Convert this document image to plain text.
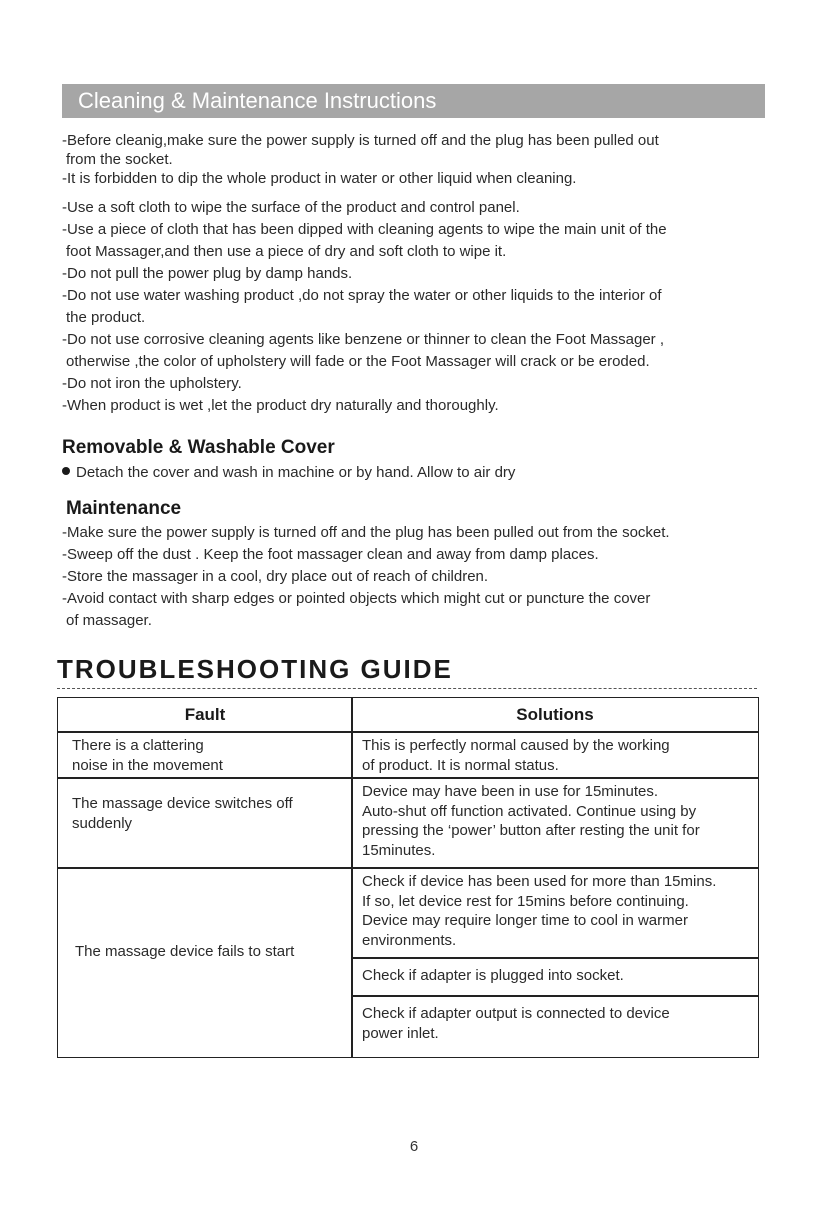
Cleaning & Maintenance Instructions
-Before cleanig,make sure the power supply is turned off and the plug has been pulled out
from the socket.
-It is forbidden to dip the whole product in water or other liquid when cleaning.
-Use a soft cloth to wipe the surface of the product and control panel.
-Use a piece of cloth that has been dipped with cleaning agents to wipe the main unit of the
foot Massager,and then use a piece of dry and soft cloth to wipe it.
-Do not pull the power plug by damp hands.
-Do not use water washing product ,do not spray the water or other liquids to the interior of
the product.
-Do not use corrosive cleaning agents like benzene or thinner to clean the Foot Massager ,
otherwise ,the color of upholstery will fade or the Foot Massager will crack or be eroded.
-Do not iron the upholstery.
-When product is wet ,let the product dry naturally and thoroughly.
Removable & Washable Cover
Detach the cover and wash in machine or by hand. Allow to air dry
Maintenance
-Make sure the power supply is turned off and the plug has been pulled out from the socket.
-Sweep off the dust . Keep the foot massager clean and away from damp places.
-Store the massager in a cool, dry place out of reach of children.
-Avoid contact with sharp edges or pointed objects which might cut or puncture the cover
of massager.
TROUBLESHOOTING GUIDE
Fault	Solutions
There is a clattering
noise in the movement
This is perfectly normal caused by the working
of product. It is normal status.
The massage device switches off
suddenly
Device may have been in use for 15minutes.
Auto-shut off function activated. Continue using by
pressing the ‘power’ button after resting the unit for
15minutes.
The massage device fails to start
Check if device has been used for more than 15mins.
If so, let device rest for 15mins before continuing.
Device may require longer time to cool in warmer
environments.
Check if adapter is plugged into socket.
Check if adapter output is connected to device
power inlet.
6
